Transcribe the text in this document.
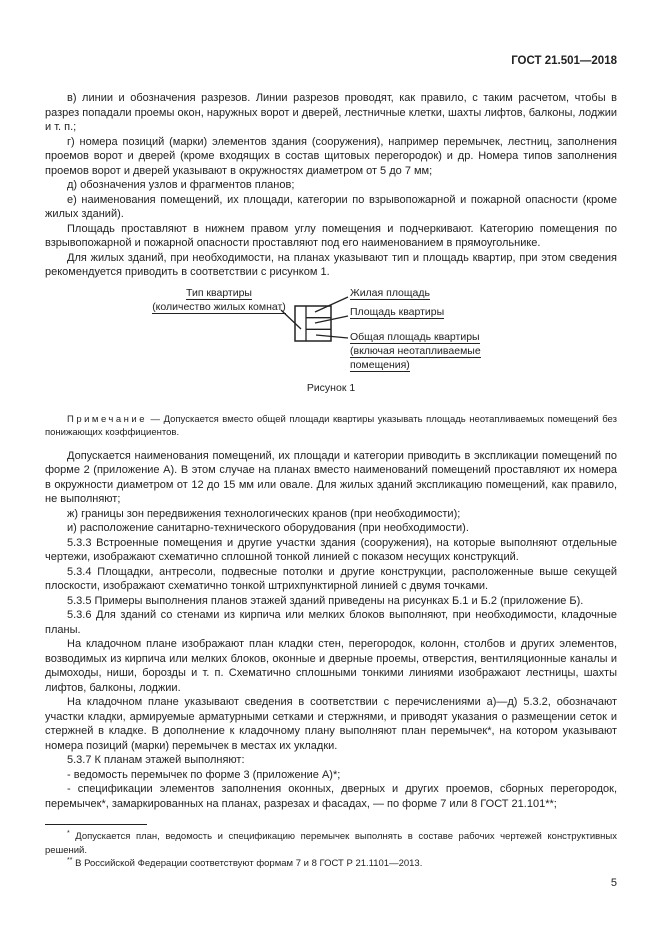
ГОСТ 21.501—2018

в) линии и обозначения разрезов. Линии разрезов проводят, как правило, с таким расчетом, чтобы в разрез попадали проемы окон, наружных ворот и дверей, лестничные клетки, шахты лифтов, балконы, лоджии и т. п.;

г) номера позиций (марки) элементов здания (сооружения), например перемычек, лестниц, заполнения проемов ворот и дверей (кроме входящих в состав щитовых перегородок) и др. Номера типов заполнения проемов ворот и дверей указывают в окружностях диаметром от 5 до 7 мм;

д) обозначения узлов и фрагментов планов;

е) наименования помещений, их площади, категории по взрывопожарной и пожарной опасности (кроме жилых зданий).

Площадь проставляют в нижнем правом углу помещения и подчеркивают. Категорию помещения по взрывопожарной и пожарной опасности проставляют под его наименованием в прямоугольнике.

Для жилых зданий, при необходимости, на планах указывают тип и площадь квартир, при этом сведения рекомендуется приводить в соответствии с рисунком 1.

Тип квартиры
(количество жилых комнат)
Жилая площадь
Площадь квартиры
Общая площадь квартиры
(включая неотапливаемые
помещения)
Рисунок 1

Примечание — Допускается вместо общей площади квартиры указывать площадь неотапливаемых помещений без понижающих коэффициентов.

Допускается наименования помещений, их площади и категории приводить в экспликации помещений по форме 2 (приложение А). В этом случае на планах вместо наименований помещений проставляют их номера в окружности диаметром от 12 до 15 мм или овале. Для жилых зданий экспликацию помещений, как правило, не выполняют;

ж) границы зон передвижения технологических кранов (при необходимости);

и) расположение санитарно-технического оборудования (при необходимости).

5.3.3 Встроенные помещения и другие участки здания (сооружения), на которые выполняют отдельные чертежи, изображают схематично сплошной тонкой линией с показом несущих конструкций.

5.3.4 Площадки, антресоли, подвесные потолки и другие конструкции, расположенные выше секущей плоскости, изображают схематично тонкой штрихпунктирной линией с двумя точками.

5.3.5 Примеры выполнения планов этажей зданий приведены на рисунках Б.1 и Б.2 (приложение Б).

5.3.6 Для зданий со стенами из кирпича или мелких блоков выполняют, при необходимости, кладочные планы.

На кладочном плане изображают план кладки стен, перегородок, колонн, столбов и других элементов, возводимых из кирпича или мелких блоков, оконные и дверные проемы, отверстия, вентиляционные каналы и дымоходы, ниши, борозды и т. п. Схематично сплошными тонкими линиями изображают лестницы, шахты лифтов, балконы, лоджии.

На кладочном плане указывают сведения в соответствии с перечислениями а)—д) 5.3.2, обозначают участки кладки, армируемые арматурными сетками и стержнями, и приводят указания о размещении сеток и стержней в кладке. В дополнение к кладочному плану выполняют план перемычек*, на котором указывают номера позиций (марки) перемычек в местах их укладки.

5.3.7 К планам этажей выполняют:

- ведомость перемычек по форме 3 (приложение А)*;

- спецификации элементов заполнения оконных, дверных и других проемов, сборных перегородок, перемычек*, замаркированных на планах, разрезах и фасадах, — по форме 7 или 8 ГОСТ 21.101**;

* Допускается план, ведомость и спецификацию перемычек выполнять в составе рабочих чертежей конструктивных решений.

** В Российской Федерации соответствуют формам 7 и 8 ГОСТ Р 21.1101—2013.

5
